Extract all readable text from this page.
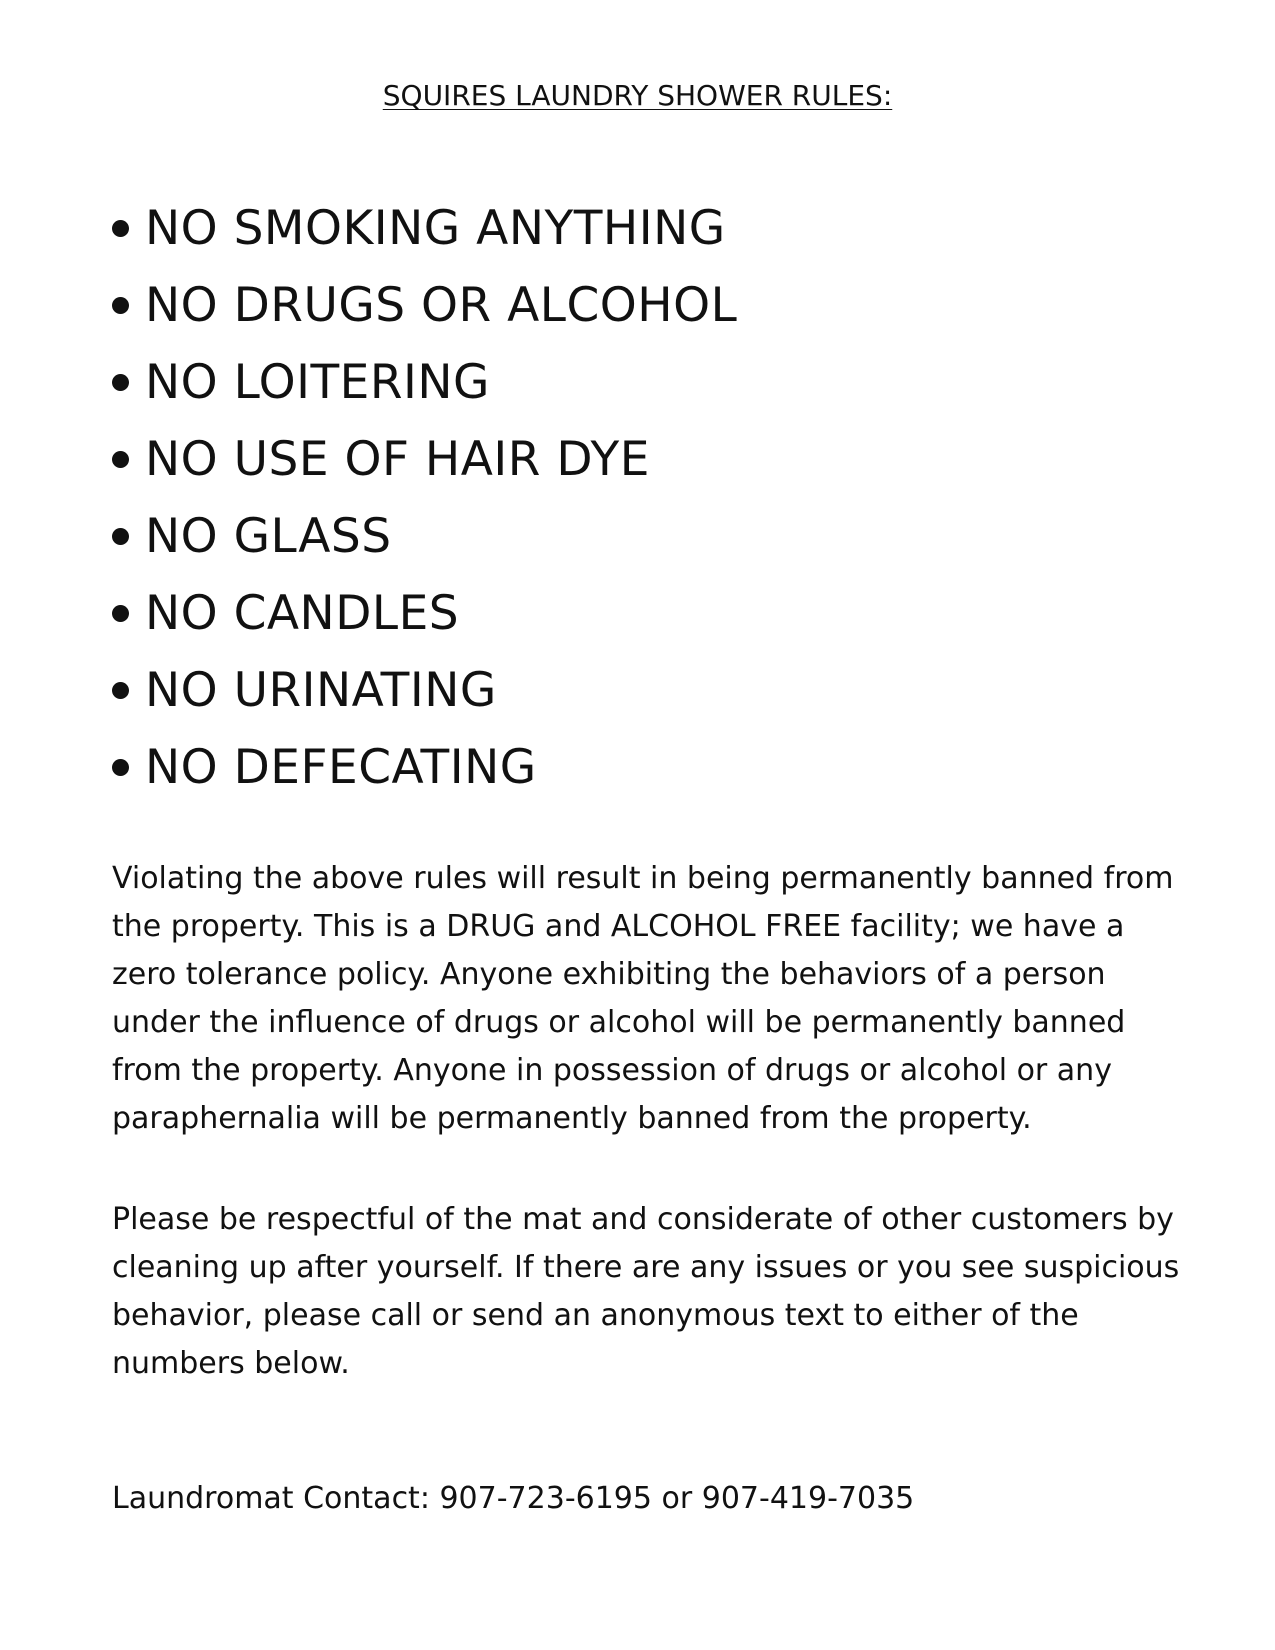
SQUIRES LAUNDRY SHOWER RULES:
NO SMOKING ANYTHING
NO DRUGS OR ALCOHOL
NO LOITERING
NO USE OF HAIR DYE
NO GLASS
NO CANDLES
NO URINATING
NO DEFECATING

Violating the above rules will result in being permanently banned from the property. This is a DRUG and ALCOHOL FREE facility; we have a zero tolerance policy. Anyone exhibiting the behaviors of a person under the influence of drugs or alcohol will be permanently banned from the property. Anyone in possession of drugs or alcohol or any paraphernalia will be permanently banned from the property.

Please be respectful of the mat and considerate of other customers by cleaning up after yourself. If there are any issues or you see suspicious behavior, please call or send an anonymous text to either of the numbers below.

Laundromat Contact: 907-723-6195 or 907-419-7035
